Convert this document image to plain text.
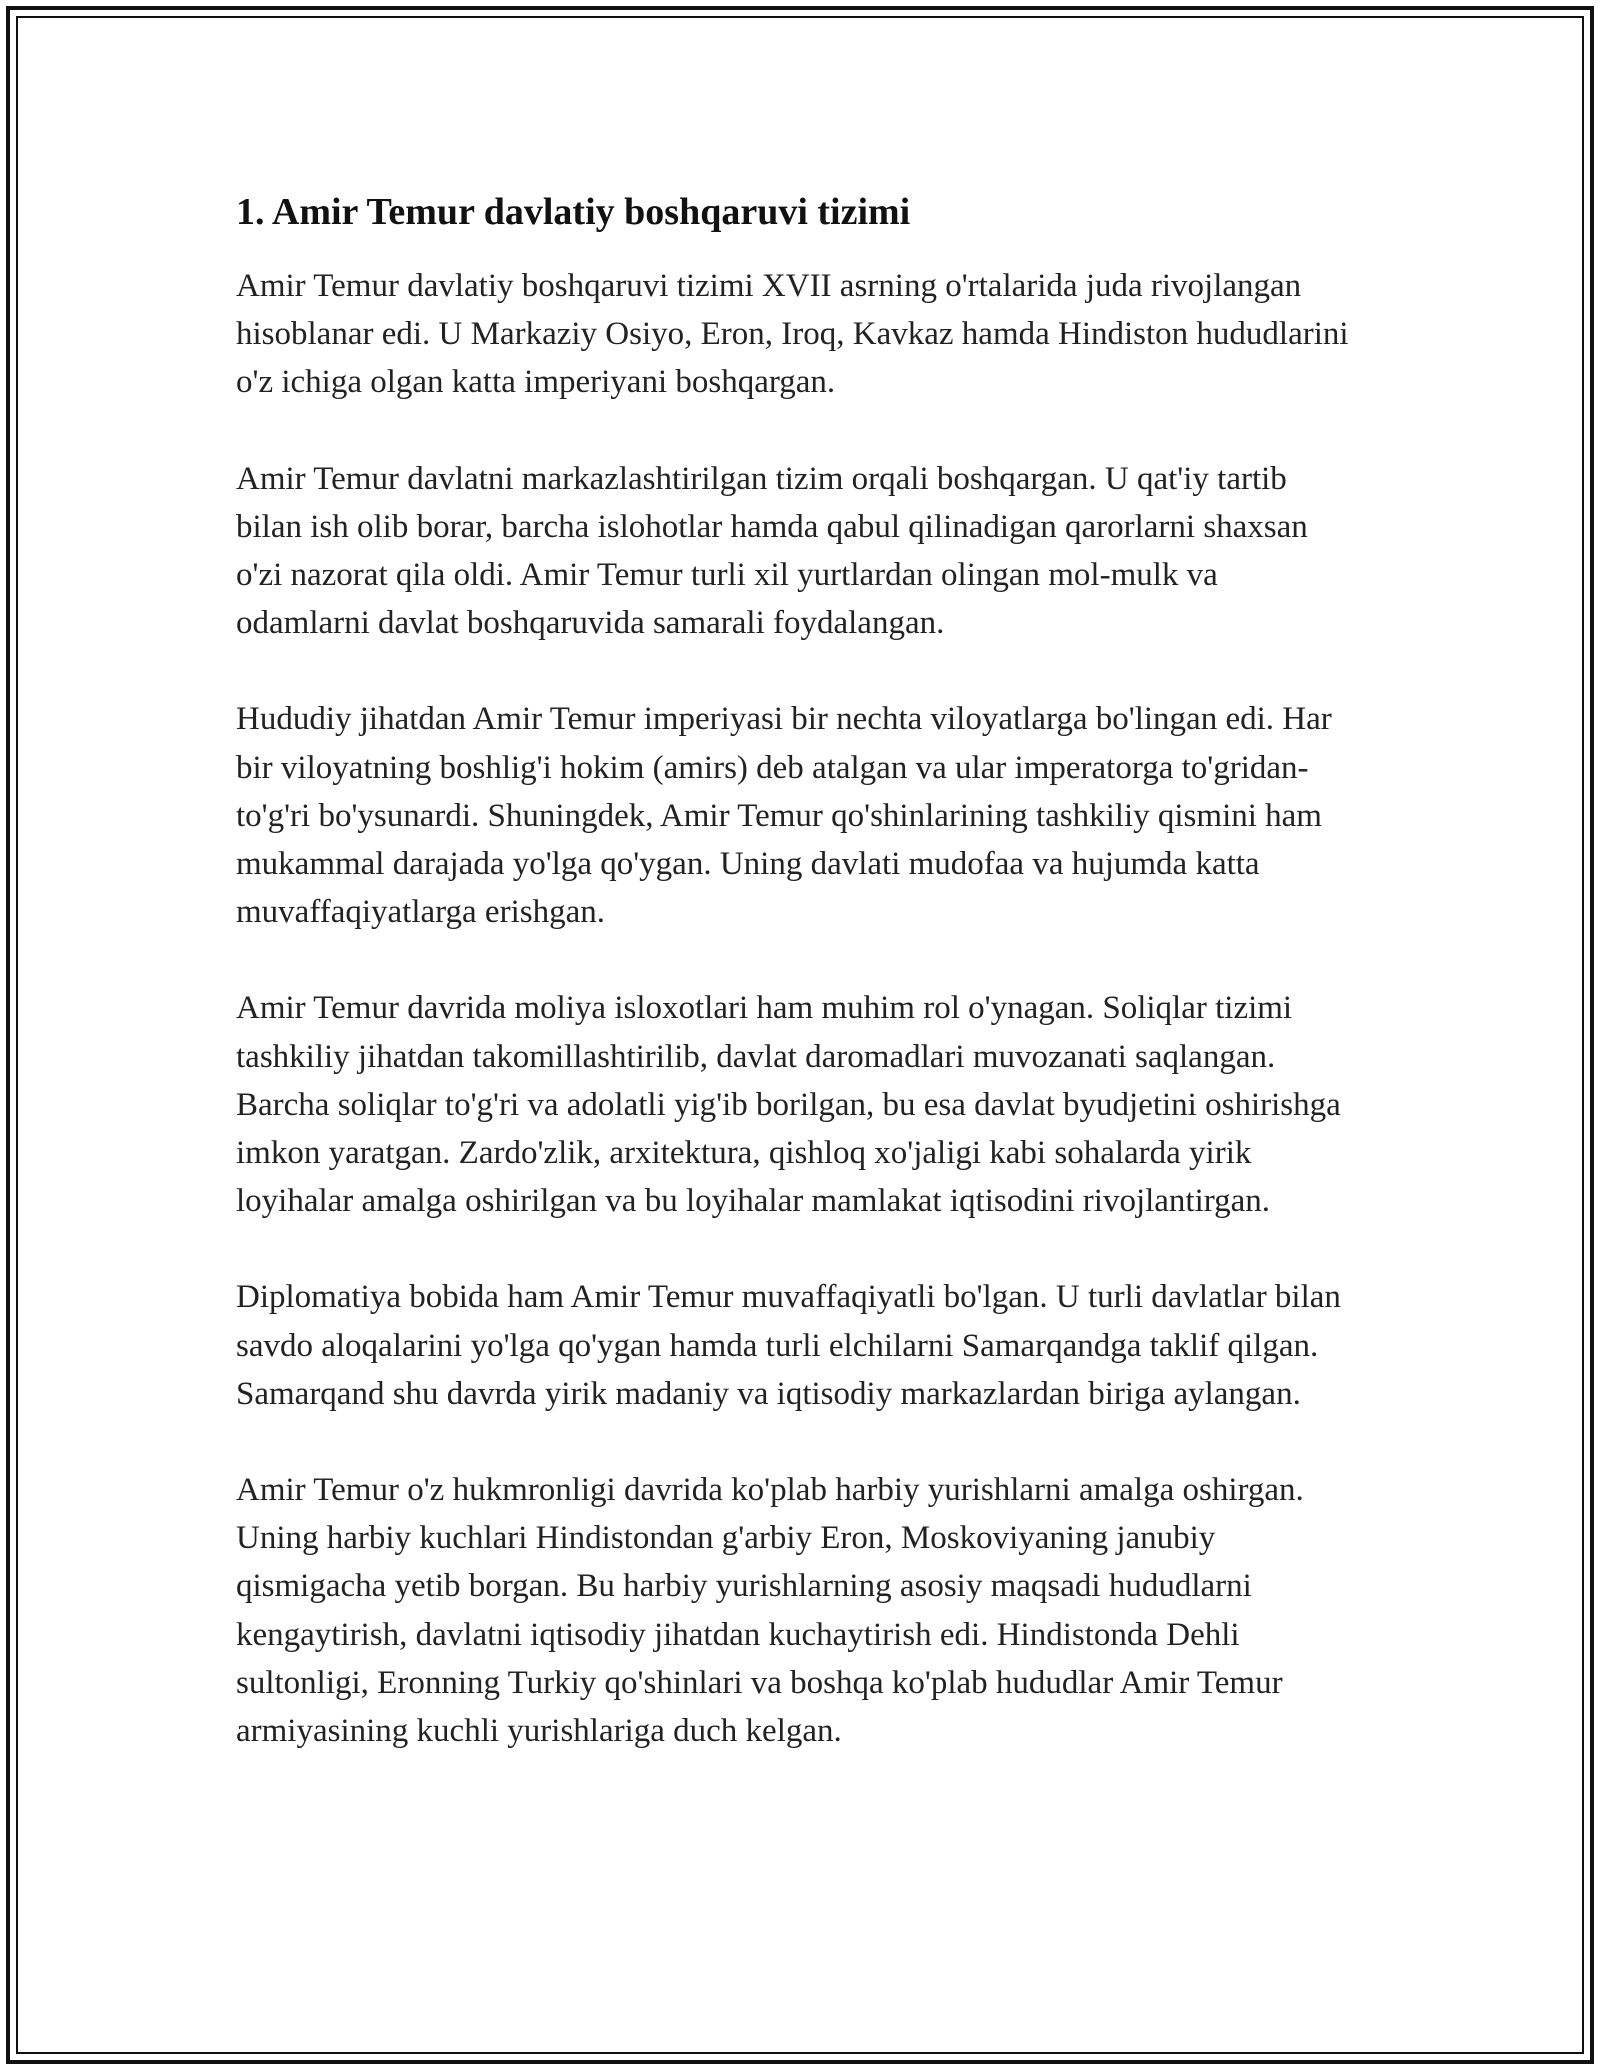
1. Amir Temur davlatiy boshqaruvi tizimi

Amir Temur davlatiy boshqaruvi tizimi XVII asrning o'rtalarida juda rivojlangan hisoblanar edi. U Markaziy Osiyo, Eron, Iroq, Kavkaz hamda Hindiston hududlarini o'z ichiga olgan katta imperiyani boshqargan.

Amir Temur davlatni markazlashtirilgan tizim orqali boshqargan. U qat'iy tartib bilan ish olib borar, barcha islohotlar hamda qabul qilinadigan qarorlarni shaxsan o'zi nazorat qila oldi. Amir Temur turli xil yurtlardan olingan mol-mulk va odamlarni davlat boshqaruvida samarali foydalangan.

Hududiy jihatdan Amir Temur imperiyasi bir nechta viloyatlarga bo'lingan edi. Har bir viloyatning boshlig'i hokim (amirs) deb atalgan va ular imperatorga to'gridan-to'g'ri bo'ysunardi. Shuningdek, Amir Temur qo'shinlarining tashkiliy qismini ham mukammal darajada yo'lga qo'ygan. Uning davlati mudofaa va hujumda katta muvaffaqiyatlarga erishgan.

Amir Temur davrida moliya isloxotlari ham muhim rol o'ynagan. Soliqlar tizimi tashkiliy jihatdan takomillashtirilib, davlat daromadlari muvozanati saqlangan. Barcha soliqlar to'g'ri va adolatli yig'ib borilgan, bu esa davlat byudjetini oshirishga imkon yaratgan. Zardo'zlik, arxitektura, qishloq xo'jaligi kabi sohalarda yirik loyihalar amalga oshirilgan va bu loyihalar mamlakat iqtisodini rivojlantirgan.

Diplomatiya bobida ham Amir Temur muvaffaqiyatli bo'lgan. U turli davlatlar bilan savdo aloqalarini yo'lga qo'ygan hamda turli elchilarni Samarqandga taklif qilgan. Samarqand shu davrda yirik madaniy va iqtisodiy markazlardan biriga aylangan.

Amir Temur o'z hukmronligi davrida ko'plab harbiy yurishlarni amalga oshirgan. Uning harbiy kuchlari Hindistondan g'arbiy Eron, Moskoviyaning janubiy qismigacha yetib borgan. Bu harbiy yurishlarning asosiy maqsadi hududlarni kengaytirish, davlatni iqtisodiy jihatdan kuchaytirish edi. Hindistonda Dehli sultonligi, Eronning Turkiy qo'shinlari va boshqa ko'plab hududlar Amir Temur armiyasining kuchli yurishlariga duch kelgan.
